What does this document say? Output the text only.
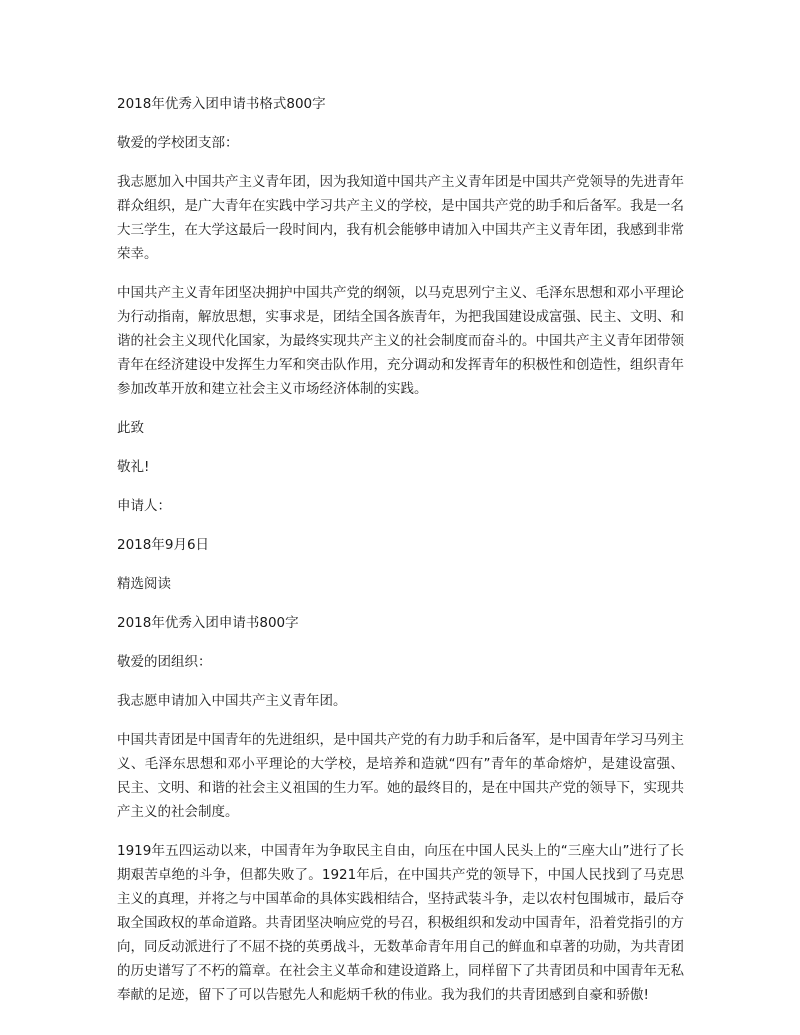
2018年优秀入团申请书格式800字

敬爱的学校团支部：

我志愿加入中国共产主义青年团，因为我知道中国共产主义青年团是中国共产党领导的先进青年群众组织，是广大青年在实践中学习共产主义的学校，是中国共产党的助手和后备军。我是一名大三学生，在大学这最后一段时间内，我有机会能够申请加入中国共产主义青年团，我感到非常荣幸。

中国共产主义青年团坚决拥护中国共产党的纲领，以马克思列宁主义、毛泽东思想和邓小平理论为行动指南，解放思想，实事求是，团结全国各族青年，为把我国建设成富强、民主、文明、和谐的社会主义现代化国家，为最终实现共产主义的社会制度而奋斗的。中国共产主义青年团带领青年在经济建设中发挥生力军和突击队作用，充分调动和发挥青年的积极性和创造性，组织青年参加改革开放和建立社会主义市场经济体制的实践。

此致

敬礼!

申请人：

2018年9月6日

精选阅读

2018年优秀入团申请书800字

敬爱的团组织：

我志愿申请加入中国共产主义青年团。

中国共青团是中国青年的先进组织，是中国共产党的有力助手和后备军，是中国青年学习马列主义、毛泽东思想和邓小平理论的大学校，是培养和造就“四有”青年的革命熔炉，是建设富强、民主、文明、和谐的社会主义祖国的生力军。她的最终目的，是在中国共产党的领导下，实现共产主义的社会制度。

1919年五四运动以来，中国青年为争取民主自由，向压在中国人民头上的“三座大山”进行了长期艰苦卓绝的斗争，但都失败了。1921年后，在中国共产党的领导下，中国人民找到了马克思主义的真理，并将之与中国革命的具体实践相结合，坚持武装斗争，走以农村包围城市，最后夺取全国政权的革命道路。共青团坚决响应党的号召，积极组织和发动中国青年，沿着党指引的方向，同反动派进行了不屈不挠的英勇战斗，无数革命青年用自己的鲜血和卓著的功勋，为共青团的历史谱写了不朽的篇章。在社会主义革命和建设道路上，同样留下了共青团员和中国青年无私奉献的足迹，留下了可以告慰先人和彪炳千秋的伟业。我为我们的共青团感到自豪和骄傲!
